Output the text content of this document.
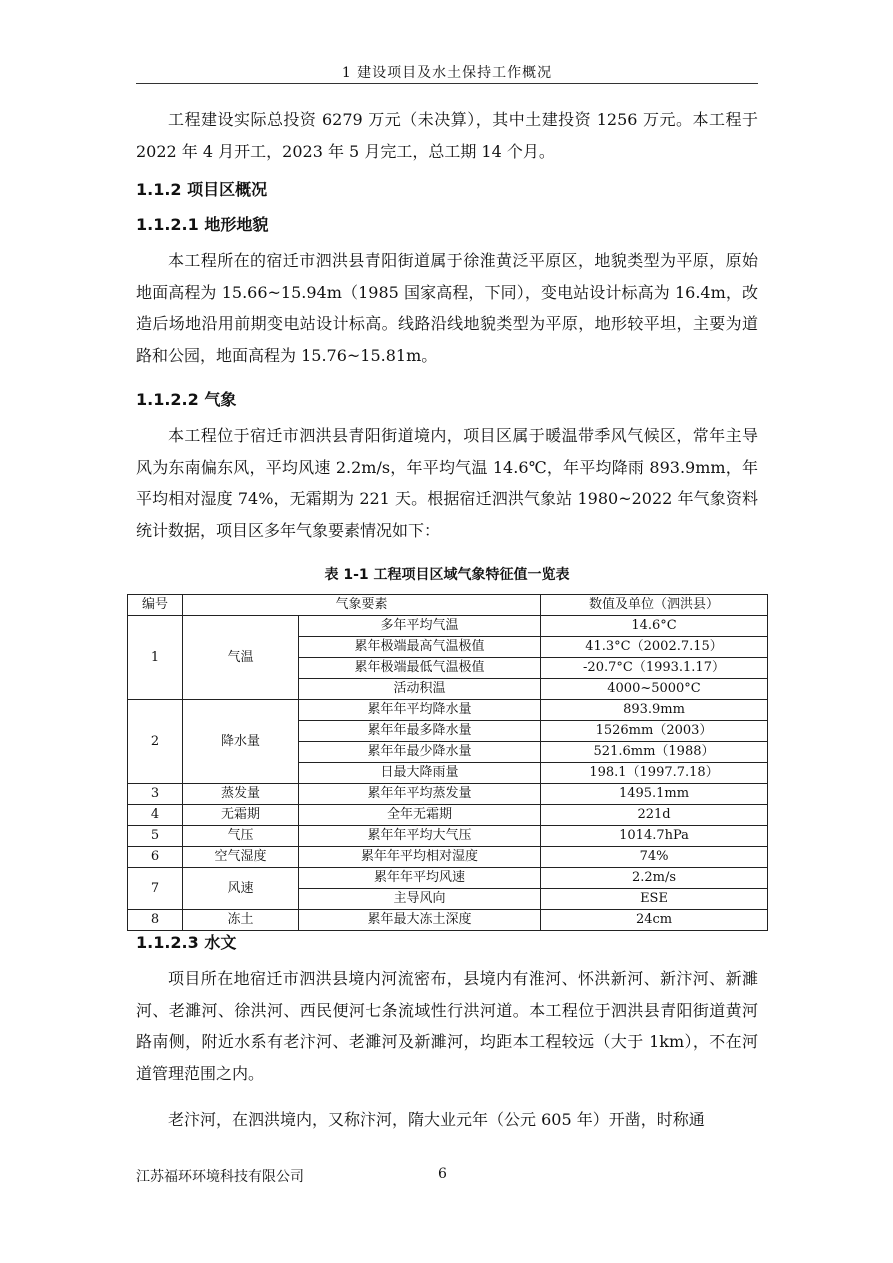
1 建设项目及水土保持工作概况
工程建设实际总投资 6279 万元（未决算），其中土建投资 1256 万元。本工程于 2022 年 4 月开工，2023 年 5 月完工，总工期 14 个月。
1.1.2 项目区概况
1.1.2.1 地形地貌
本工程所在的宿迁市泗洪县青阳街道属于徐淮黄泛平原区，地貌类型为平原，原始地面高程为 15.66~15.94m（1985 国家高程，下同），变电站设计标高为 16.4m，改造后场地沿用前期变电站设计标高。线路沿线地貌类型为平原，地形较平坦，主要为道路和公园，地面高程为 15.76~15.81m。
1.1.2.2 气象
本工程位于宿迁市泗洪县青阳街道境内，项目区属于暖温带季风气候区，常年主导风为东南偏东风，平均风速 2.2m/s，年平均气温 14.6℃，年平均降雨 893.9mm，年平均相对湿度 74%，无霜期为 221 天。根据宿迁泗洪气象站 1980~2022 年气象资料统计数据，项目区多年气象要素情况如下：
表 1-1 工程项目区域气象特征值一览表
编号	气象要素		数值及单位（泗洪县）
1	气温	多年平均气温	14.6°C
		累年极端最高气温极值	41.3°C（2002.7.15）
		累年极端最低气温极值	-20.7°C（1993.1.17）
		活动积温	4000~5000°C
2	降水量	累年年平均降水量	893.9mm
		累年年最多降水量	1526mm（2003）
		累年年最少降水量	521.6mm（1988）
		日最大降雨量	198.1（1997.7.18）
3	蒸发量	累年年平均蒸发量	1495.1mm
4	无霜期	全年无霜期	221d
5	气压	累年年平均大气压	1014.7hPa
6	空气湿度	累年年平均相对湿度	74%
7	风速	累年年平均风速	2.2m/s
		主导风向	ESE
8	冻土	累年最大冻土深度	24cm
1.1.2.3 水文
项目所在地宿迁市泗洪县境内河流密布，县境内有淮河、怀洪新河、新汴河、新濉河、老濉河、徐洪河、西民便河七条流域性行洪河道。本工程位于泗洪县青阳街道黄河路南侧，附近水系有老汴河、老濉河及新濉河，均距本工程较远（大于 1km），不在河道管理范围之内。
老汴河，在泗洪境内，又称汴河，隋大业元年（公元 605 年）开凿，时称通
江苏福环环境科技有限公司	6
